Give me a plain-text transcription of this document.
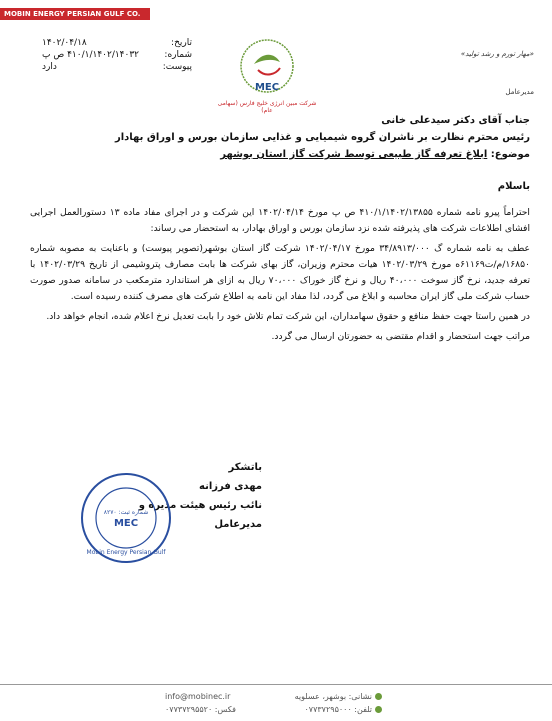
MOBIN ENERGY PERSIAN GULF CO.
تاریخ:
۱۴۰۲/۰۴/۱۸
شماره:
۴۱۰/۱/۱۴۰۲/۱۴۰۳۲ ص پ
پیوست:
دارد
MEC
شرکت مبین انرژی خلیج فارس (سهامی عام)
«مهار تورم و رشد تولید»
مدیرعامل
جناب آقای دکتر سیدعلی خانی
رئیس محترم نظارت بر ناشران گروه شیمیایی و غذایی سازمان بورس و اوراق بهادار
موضوع: ابلاغ تعرفه گاز طبیعی توسط شرکت گاز استان بوشهر
باسلام

احتراماً پیرو نامه شماره ۴۱۰/۱/۱۴۰۲/۱۳۸۵۵ ص پ مورخ ۱۴۰۲/۰۴/۱۴ این شرکت و در اجرای مفاد ماده ۱۳ دستورالعمل اجرایی افشای اطلاعات شرکت های پذیرفته شده نزد سازمان بورس و اوراق بهادار، به استحضار می رساند:

عطف به نامه شماره گ ۳۴/۸۹۱۳/۰۰۰ مورخ ۱۴۰۲/۰۴/۱۷ شرکت گاز استان بوشهر(تصویر پیوست) و باعنایت به مصوبه شماره ۱۶۸۵۰/م/ت۶۱۱۶۹ه مورخ ۱۴۰۲/۰۳/۲۹ هیات محترم وزیران، گاز بهای شرکت ها بابت مصارف پتروشیمی از تاریخ ۱۴۰۲/۰۳/۲۹ با تعرفه جدید، نرخ گاز سوخت ۴۰،۰۰۰ ریال و نرخ گاز خوراک ۷۰،۰۰۰ ریال به ازای هر استاندارد مترمکعب در سامانه صدور صورت حساب شرکت ملی گاز ایران محاسبه و ابلاغ می گردد، لذا مفاد این نامه به اطلاع شرکت های مصرف کننده رسیده است.

در همین راستا جهت حفظ منافع و حقوق سهامداران، این شرکت تمام تلاش خود را بابت تعدیل نرخ اعلام شده، انجام خواهد داد.

مراتب جهت استحضار و اقدام مقتضی به حضورتان ارسال می گردد.

باتشکر
مهدی فرزانه
نائب رئیس هیئت مدیره و مدیرعامل
شماره ثبت: ۸۲۷۰
MEC
Mobin Energy Persian Gulf
info@mobinec.ir
فکس: ۰۷۷۳۷۲۹۵۵۲۰
نشانی: بوشهر، عسلویه
تلفن: ۰۷۷۳۷۲۹۵۰۰۰
